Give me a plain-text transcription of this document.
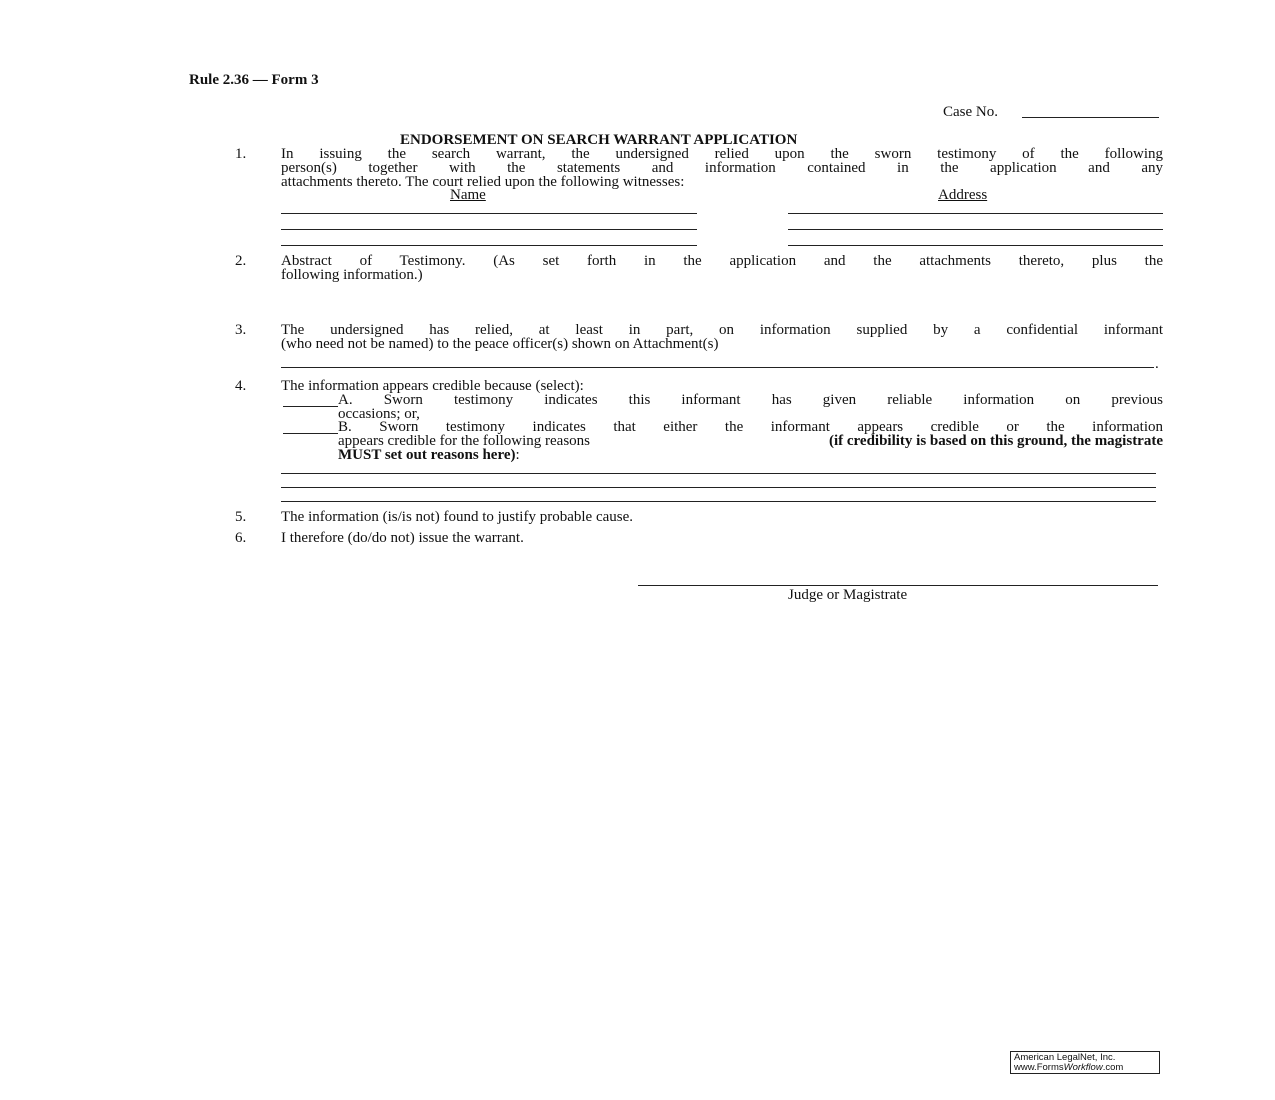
Rule 2.36 — Form 3
Case No.
ENDORSEMENT ON SEARCH WARRANT APPLICATION
1. In issuing the search warrant, the undersigned relied upon the sworn testimony of the following
person(s) together with the statements and information contained in the application and any
attachments thereto. The court relied upon the following witnesses:
Name	Address
2. Abstract of Testimony. (As set forth in the application and the attachments thereto, plus the
following information.)
3. The undersigned has relied, at least in part, on information supplied by a confidential informant
(who need not be named) to the peace officer(s) shown on Attachment(s)
.
4. The information appears credible because (select):
A. Sworn testimony indicates this informant has given reliable information on previous
occasions; or,
B. Sworn testimony indicates that either the informant appears credible or the information
appears credible for the following reasons	(if credibility is based on this ground, the magistrate
MUST set out reasons here):
5. The information (is/is not) found to justify probable cause.
6. I therefore (do/do not) issue the warrant.
Judge or Magistrate
American LegalNet, Inc.
www.FormsWorkflow.com
